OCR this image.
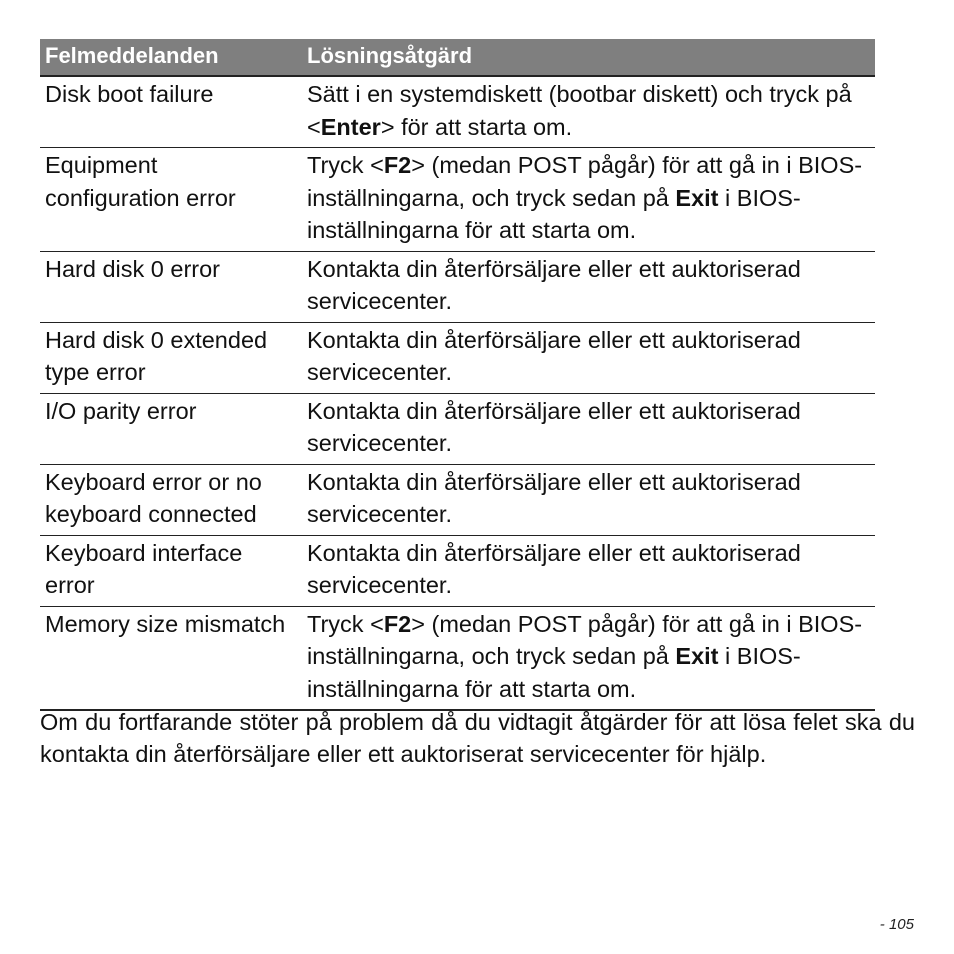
Felmeddelanden	Lösningsåtgärd
Disk boot failure	Sätt i en systemdiskett (bootbar diskett) och tryck på <Enter> för att starta om.
Equipment configuration error	Tryck <F2> (medan POST pågår) för att gå in i BIOS-inställningarna, och tryck sedan på Exit i BIOS-inställningarna för att starta om.
Hard disk 0 error	Kontakta din återförsäljare eller ett auktoriserad servicecenter.
Hard disk 0 extended type error	Kontakta din återförsäljare eller ett auktoriserad servicecenter.
I/O parity error	Kontakta din återförsäljare eller ett auktoriserad servicecenter.
Keyboard error or no keyboard connected	Kontakta din återförsäljare eller ett auktoriserad servicecenter.
Keyboard interface error	Kontakta din återförsäljare eller ett auktoriserad servicecenter.
Memory size mismatch	Tryck <F2> (medan POST pågår) för att gå in i BIOS-inställningarna, och tryck sedan på Exit i BIOS-inställningarna för att starta om.
Om du fortfarande stöter på problem då du vidtagit åtgärder för att lösa felet ska du kontakta din återförsäljare eller ett auktoriserat servicecenter för hjälp.
- 105
